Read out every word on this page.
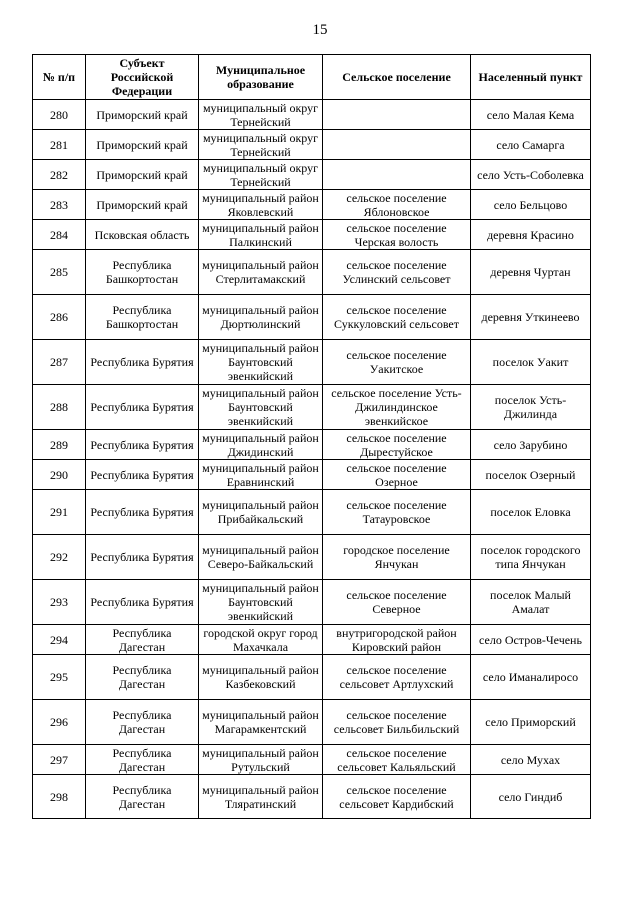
15
№ п/п	Субъект Российской Федерации	Муниципальное образование	Сельское поселение	Населенный пункт
280	Приморский край	муниципальный округ Тернейский		село Малая Кема
281	Приморский край	муниципальный округ Тернейский		село Самарга
282	Приморский край	муниципальный округ Тернейский		село Усть-Соболевка
283	Приморский край	муниципальный район Яковлевский	сельское поселение Яблоновское	село Бельцово
284	Псковская область	муниципальный район Палкинский	сельское поселение Черская волость	деревня Красино
285	Республика Башкортостан	муниципальный район Стерлитамакский	сельское поселение Услинский сельсовет	деревня Чуртан
286	Республика Башкортостан	муниципальный район Дюртюлинский	сельское поселение Суккуловский сельсовет	деревня Уткинеево
287	Республика Бурятия	муниципальный район Баунтовский эвенкийский	сельское поселение Уакитское	поселок Уакит
288	Республика Бурятия	муниципальный район Баунтовский эвенкийский	сельское поселение Усть-Джилиндинское эвенкийское	поселок Усть-Джилинда
289	Республика Бурятия	муниципальный район Джидинский	сельское поселение Дырестуйское	село Зарубино
290	Республика Бурятия	муниципальный район Еравнинский	сельское поселение Озерное	поселок Озерный
291	Республика Бурятия	муниципальный район Прибайкальский	сельское поселение Татауровское	поселок Еловка
292	Республика Бурятия	муниципальный район Северо-Байкальский	городское поселение Янчукан	поселок городского типа Янчукан
293	Республика Бурятия	муниципальный район Баунтовский эвенкийский	сельское поселение Северное	поселок Малый Амалат
294	Республика Дагестан	городской округ город Махачкала	внутригородской район Кировский район	село Остров-Чечень
295	Республика Дагестан	муниципальный район Казбековский	сельское поселение сельсовет Артлухский	село Иманалиросо
296	Республика Дагестан	муниципальный район Магарамкентский	сельское поселение сельсовет Бильбильский	село Приморский
297	Республика Дагестан	муниципальный район Рутульский	сельское поселение сельсовет Кальяльский	село Мухах
298	Республика Дагестан	муниципальный район Тляратинский	сельское поселение сельсовет Кардибский	село Гиндиб
